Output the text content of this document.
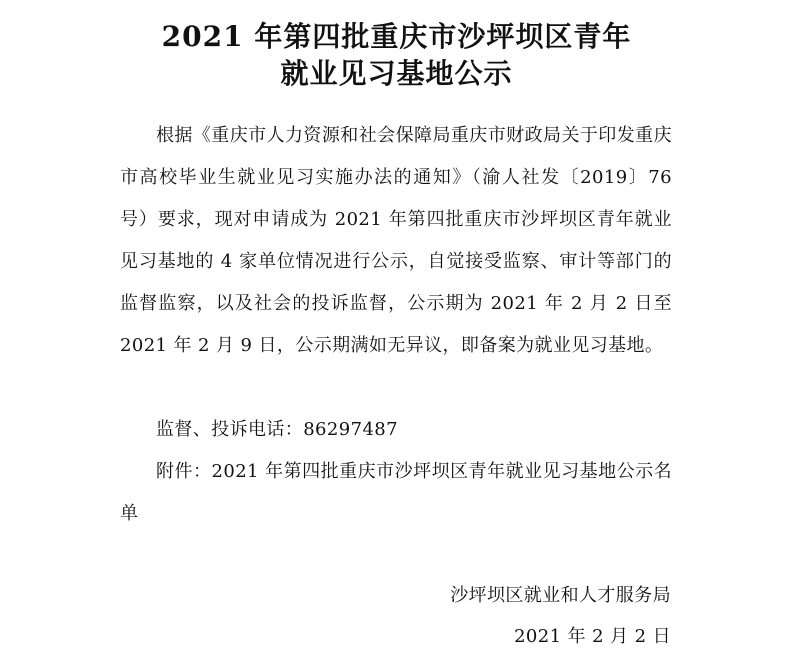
2021 年第四批重庆市沙坪坝区青年
就业见习基地公示

根据《重庆市人力资源和社会保障局重庆市财政局关于印发重庆市高校毕业生就业见习实施办法的通知》（渝人社发〔2019〕76 号）要求，现对申请成为 2021 年第四批重庆市沙坪坝区青年就业见习基地的 4 家单位情况进行公示，自觉接受监察、审计等部门的监督监察，以及社会的投诉监督，公示期为 2021 年 2 月 2 日至 2021 年 2 月 9 日，公示期满如无异议，即备案为就业见习基地。

监督、投诉电话：86297487

附件：2021 年第四批重庆市沙坪坝区青年就业见习基地公示名单

沙坪坝区就业和人才服务局
2021 年 2 月 2 日
